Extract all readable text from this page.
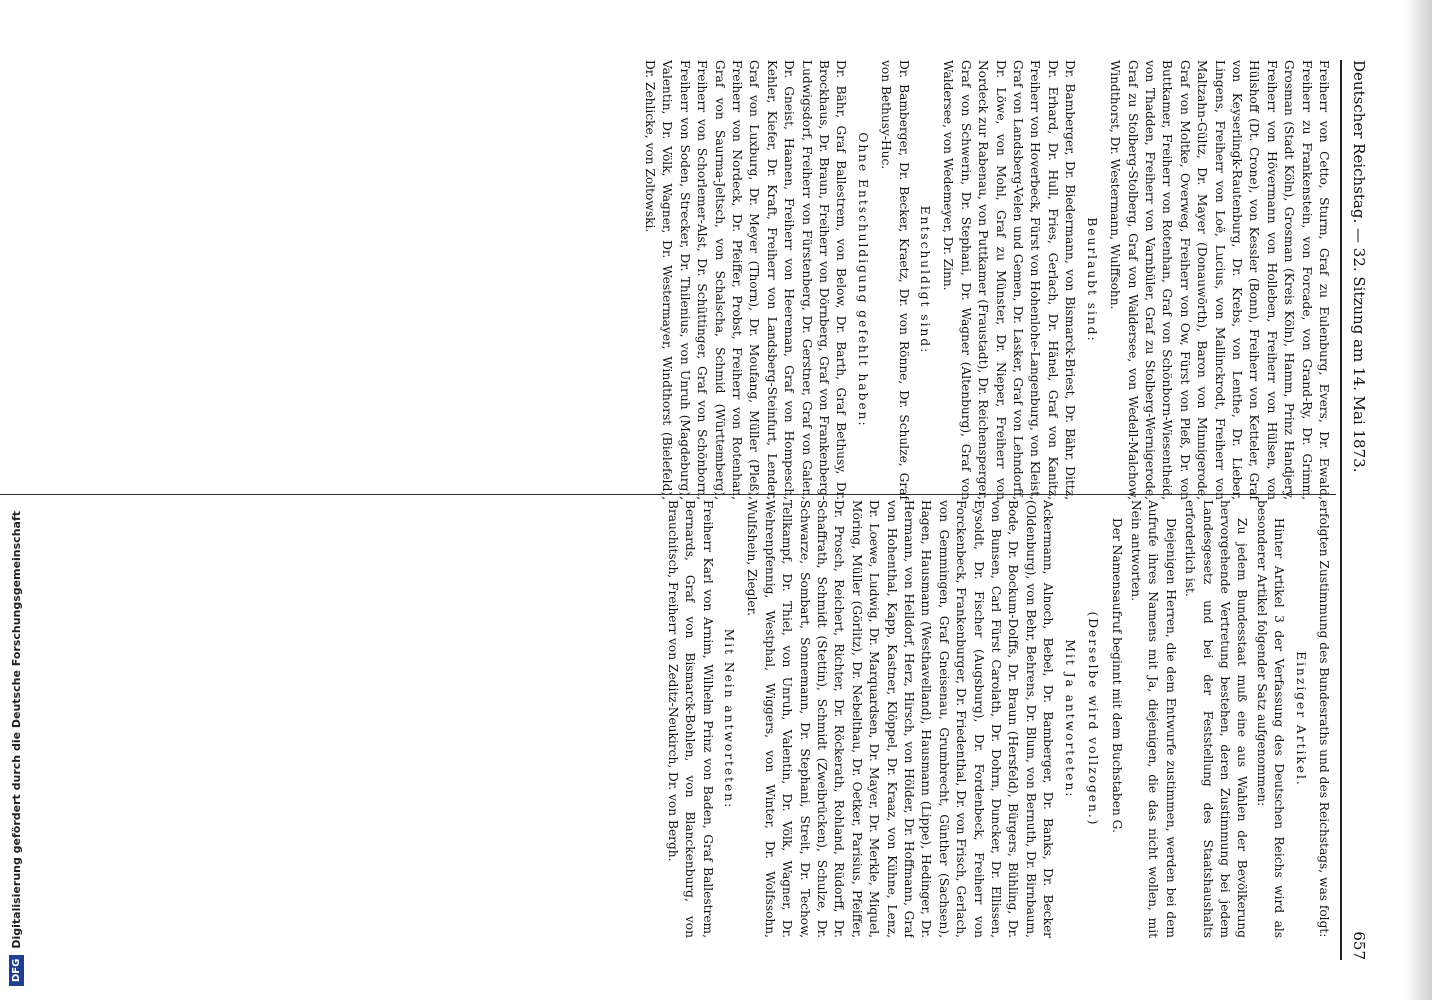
Deutscher Reichstag. — 32. Sitzung am 14. Mai 1873.
657

Freiherr von Cetto, Sturm, Graf zu Eulenburg, Evers, Dr. Ewald, Freiherr zu Frankenstein, von Forcade, von Grand-Ry, Dr. Grimm, Grosman (Stadt Köln), Grosman (Kreis Köln), Hamm, Prinz Handjery, Freiherr von Hövermann von Holleben, Freiherr von Hülsen, von Hülshoff (Dt. Crone), von Kessler (Bonn), Freiherr von Ketteler, Graf von Keyserlingk-Rautenburg, Dr. Krebs, von Lenthe, Dr. Lieber, Lingens, Freiherr von Loë, Lucius, von Mallinckrodt, Freiherr von Maltzahn-Gültz, Dr. Mayer (Donauwörth), Baron von Minnigerode, Graf von Moltke, Overweg, Freiherr von Ow, Fürst von Pleß, Dr. von Buttkamer, Freiherr von Rotenhan, Graf von Schönborn-Wiesentheid, von Thadden, Freiherr von Varnbüler, Graf zu Stolberg-Wernigerode, Graf zu Stolberg-Stolberg, Graf von Waldersee, von Wedell-Malchow, Windthorst, Dr. Westermann, Wulffsohn.

Beurlaubt sind:

Dr. Bamberger, Dr. Biedermann, von Bismarck-Briest, Dr. Bähr, Dittz, Dr. Erhard, Dr. Hull, Fries, Gerlach, Dr. Hänel, Graf von Kanitz, Freiherr von Hoverbeck, Fürst von Hohenlohe-Langenburg, von Kleist, Graf von Landsberg-Velen und Gemen, Dr. Lasker, Graf von Lehndorff, Dr. Löwe, von Mohl, Graf zu Münster, Dr. Nieper, Freiherr von Nordeck zur Rabenau, von Puttkamer (Fraustadt), Dr. Reichensperger, Graf von Schwerin, Dr. Stephani, Dr. Wagner (Altenburg), Graf von Waldersee, von Wedemeyer, Dr. Zinn.

Entschuldigt sind:

Dr. Bamberger, Dr. Becker, Kraetz, Dr. von Rönne, Dr. Schulze, Graf von Bethusy-Huc.

Ohne Entschuldigung gefehlt haben:

Dr. Bähr, Graf Ballestrem, von Below, Dr. Barth, Graf Bethusy, Dr. Brockhaus, Dr. Braun, Freiherr von Dörnberg, Graf von Frankenberg-Ludwigsdorf, Freiherr von Fürstenberg, Dr. Gerstner, Graf von Galen, Dr. Gneist, Haanen, Freiherr von Heereman, Graf von Hompesch, Kehler, Kiefer, Dr. Kraft, Freiherr von Landsberg-Steinfurt, Lender, Graf von Luxburg, Dr. Meyer (Thorn), Dr. Moufang, Müller (Pleß), Freiherr von Nordeck, Dr. Pfeiffer, Probst, Freiherr von Rotenhan, Graf von Saurma-Jeltsch, von Schalscha, Schmid (Württemberg), Freiherr von Schorlemer-Alst, Dr. Schüttinger, Graf von Schönborn, Freiherr von Soden, Strecker, Dr. Thilenius, von Unruh (Magdeburg), Valentin, Dr. Völk, Wagner, Dr. Westermayer, Windthorst (Bielefeld), Dr. Zehlicke, von Zoltowski.

erfolgten Zustimmung des Bundesraths und des Reichstags, was folgt:

Einziger Artikel.

Hinter Artikel 3 der Verfassung des Deutschen Reichs wird als besonderer Artikel folgender Satz aufgenommen:

Zu jedem Bundesstaat muß eine aus Wahlen der Bevölkerung hervorgehende Vertretung bestehen, deren Zustimmung bei jedem Landesgesetz und bei der Feststellung des Staatshaushalts erforderlich ist.

Diejenigen Herren, die dem Entwurfe zustimmen, werden bei dem Aufrufe ihres Namens mit Ja, diejenigen, die das nicht wollen, mit Nein antworten.

Der Namensaufruf beginnt mit dem Buchstaben G.

(Derselbe wird vollzogen.)

Mit Ja antworteten:

Ackermann, Alnoch, Bebel, Dr. Bamberger, Dr. Banks, Dr. Becker (Oldenburg), von Behr, Behrens, Dr. Blum, von Bernuth, Dr. Birnbaum, Bode, Dr. Bockum-Dolffs, Dr. Braun (Hersfeld), Bürgers, Bühling, Dr. von Bunsen, Carl Fürst Carolath, Dr. Dohrn, Duncker, Dr. Ellissen, Eysoldt, Dr. Fischer (Augsburg), Dr. Fordenbeck, Freiherr von Forckenbeck, Frankenburger, Dr. Friedenthal, Dr. von Frisch, Gerlach, von Gemmingen, Graf Gneisenau, Grumbrecht, Günther (Sachsen), Hagen, Hausmann (Westhavelland), Hausmann (Lippe), Hedinger, Dr. Hermann, von Helldorf, Herz, Hirsch, von Hölder, Dr. Hoffmann, Graf von Hohenthal, Kapp, Kastner, Klöppel, Dr. Kraaz, von Kühne, Lenz, Dr. Loewe, Ludwig, Dr. Marquardsen, Dr. Mayer, Dr. Merkle, Miquel, Möring, Müller (Görlitz), Dr. Nebelthau, Dr. Oetker, Parisius, Pfeiffer, Dr. Prosch, Reichert, Richter, Dr. Röckerath, Rohland, Rüdorff, Dr. Schaffrath, Schmidt (Stettin), Schmidt (Zweibrücken), Schulze, Dr. Schwarze, Sombart, Sonnemann, Dr. Stephani, Streit, Dr. Techow, Tellkampf, Dr. Thiel, von Unruh, Valentin, Dr. Völk, Wagner, Dr. Wehrenpfennig, Westphal, Wiggers, von Winter, Dr. Wolfssohn, Wulfshein, Ziegler.

Mit Nein antworteten:

Freiherr Karl von Arnim, Wilhelm Prinz von Baden, Graf Ballestrem, Bernards, Graf von Bismarck-Bohlen, von Blanckenburg, von Brauchitsch, Freiherr von Zeditz-Neukirch, Dr. von Bergh.

DFG
Digitalisierung gefördert durch die Deutsche Forschungsgemeinschaft
